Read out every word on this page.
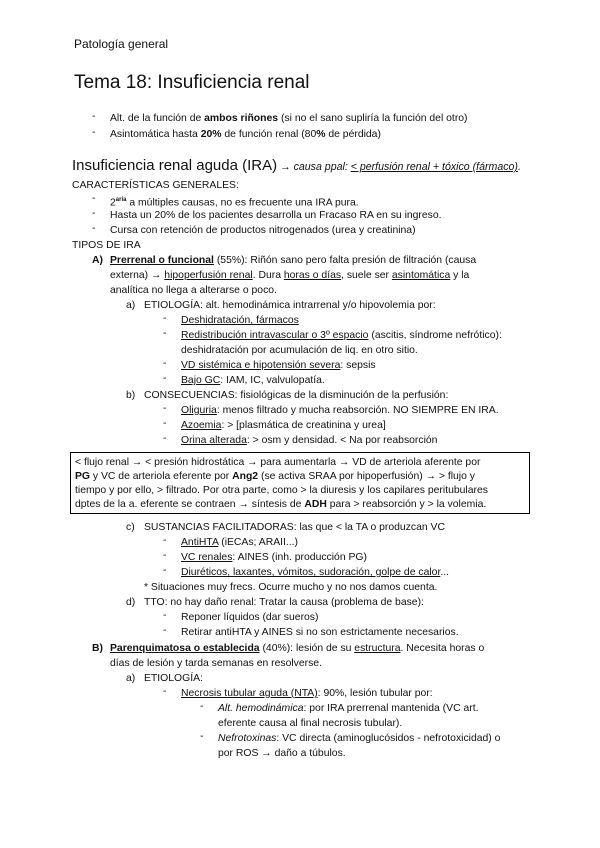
Patología general
Tema 18: Insuficiencia renal
- Alt. de la función de ambos riñones (si no el sano supliría la función del otro)
- Asintomática hasta 20% de función renal (80% de pérdida)
Insuficiencia renal aguda (IRA) → causa ppal: < perfusión renal + tóxico (fármaco).
CARACTERÍSTICAS GENERALES:
- $2^{aria}$ a múltiples causas, no es frecuente una IRA pura.
- Hasta un 20% de los pacientes desarrolla un Fracaso RA en su ingreso.
- Cursa con retención de productos nitrogenados (urea y creatinina)
TIPOS DE IRA
A) Prerrenal o funcional (55%): Riñón sano pero falta presión de filtración (causa
externa) → hipoperfusión renal. Dura horas o días, suele ser asintomática y la
analítica no llega a alterarse o poco.
a) ETIOLOGÍA: alt. hemodinámica intrarrenal y/o hipovolemia por:
- Deshidratación, fármacos
- Redistribución intravascular o 3º espacio (ascitis, síndrome nefrótico):
deshidratación por acumulación de liq. en otro sitio.
- VD sistémica e hipotensión severa: sepsis
- Bajo GC: IAM, IC, valvulopatía.
b) CONSECUENCIAS: fisiológicas de la disminución de la perfusión:
- Oliguria: menos filtrado y mucha reabsorción. NO SIEMPRE EN IRA.
- Azoemia: > [plasmática de creatinina y urea]
- Orina alterada: > osm y densidad. < Na por reabsorción
< flujo renal → < presión hidrostática → para aumentarla → VD de arteriola aferente por
PG y VC de arteriola eferente por Ang2 (se activa SRAA por hipoperfusión) → > flujo y
tiempo y por ello, > filtrado. Por otra parte, como > la diuresis y los capilares peritubulares
dptes de la a. eferente se contraen → síntesis de ADH para > reabsorción y > la volemia.
c) SUSTANCIAS FACILITADORAS: las que < la TA o produzcan VC
- AntiHTA (iECAs; ARAII...)
- VC renales: AINES (inh. producción PG)
- Diuréticos, laxantes, vómitos, sudoración, golpe de calor...
* Situaciones muy frecs. Ocurre mucho y no nos damos cuenta.
d) TTO: no hay daño renal: Tratar la causa (problema de base):
- Reponer líquidos (dar sueros)
- Retirar antiHTA y AINES si no son estrictamente necesarios.
B) Parenquimatosa o establecida (40%): lesión de su estructura. Necesita horas o
días de lesión y tarda semanas en resolverse.
a) ETIOLOGÍA:
- Necrosis tubular aguda (NTA): 90%, lesión tubular por:
- Alt. hemodinámica: por IRA prerrenal mantenida (VC art.
eferente causa al final necrosis tubular).
- Nefrotoxinas: VC directa (aminoglucósidos - nefrotoxicidad) o
por ROS → daño a túbulos.
